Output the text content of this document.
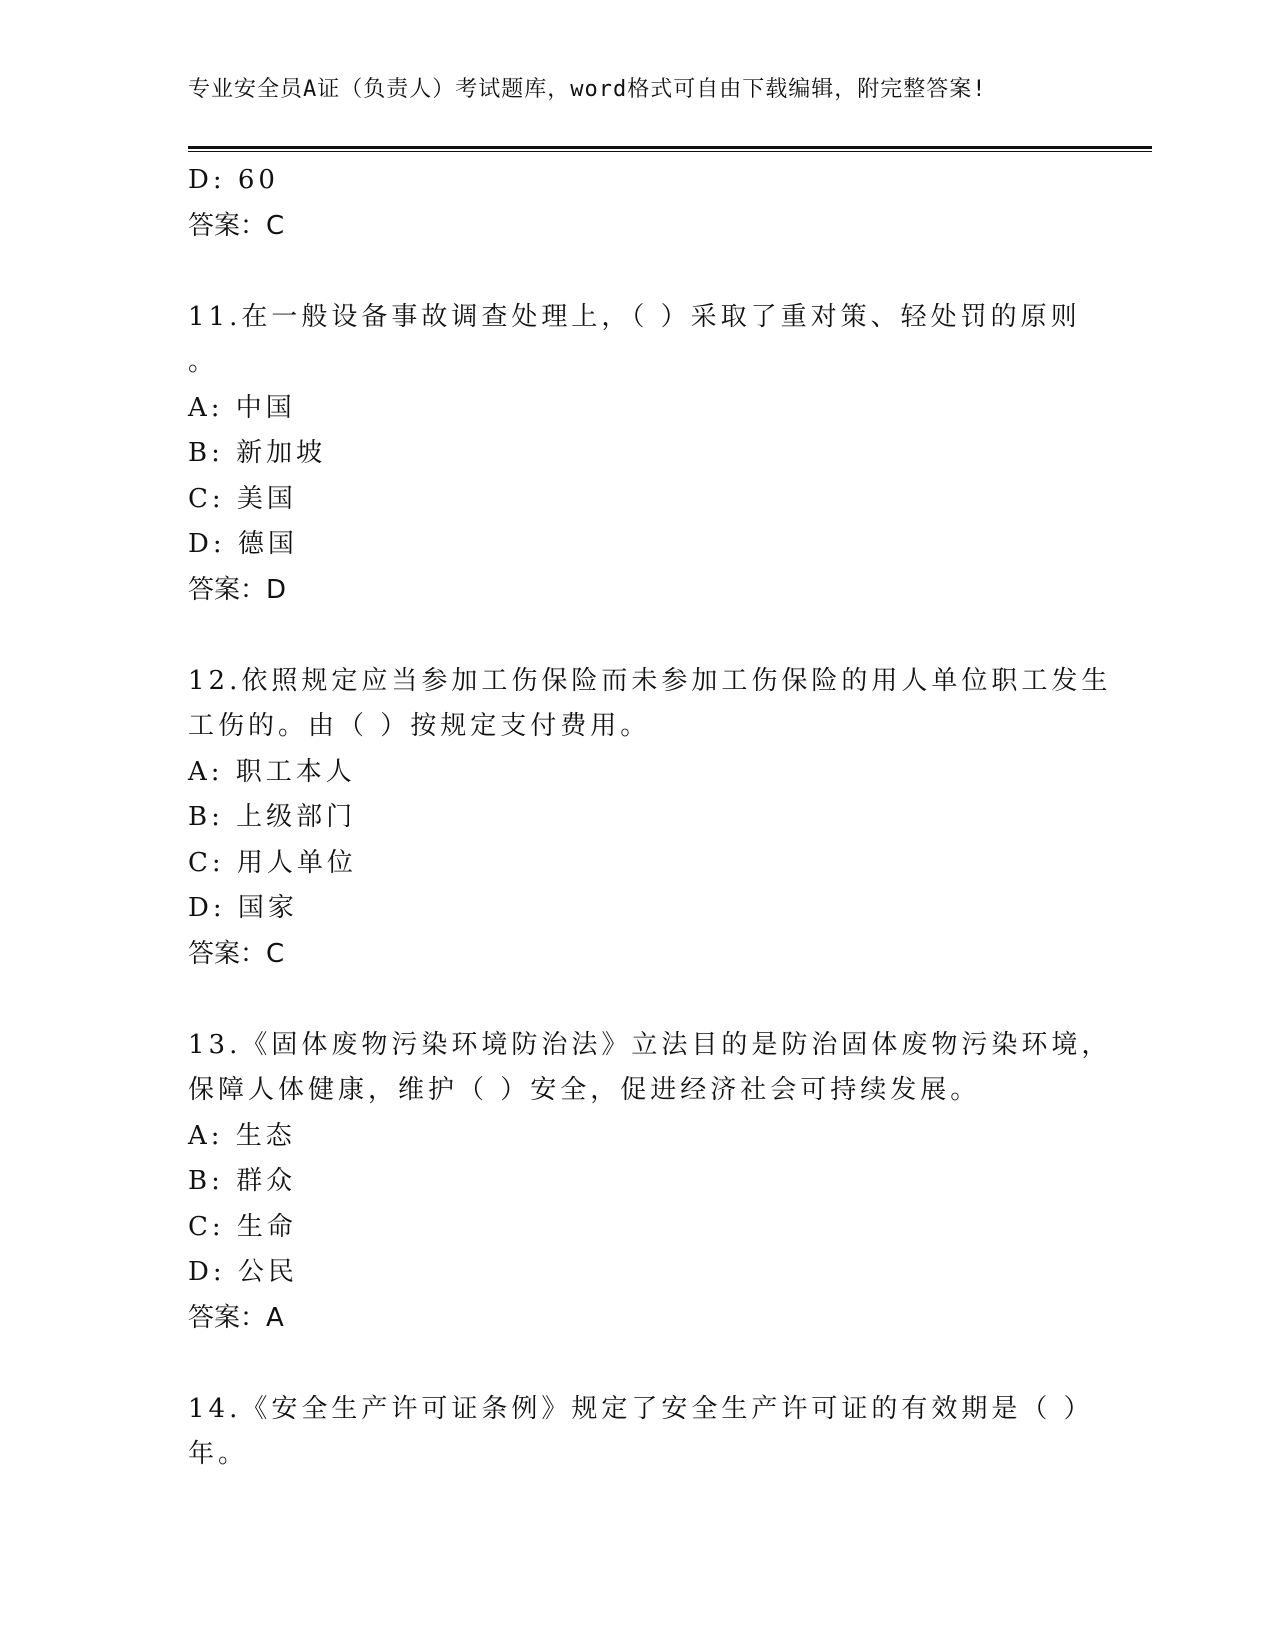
专业安全员A证（负责人）考试题库，word格式可自由下载编辑，附完整答案!
D: 60
答案：C
11.在一般设备事故调查处理上，（ ）采取了重对策、轻处罚的原则
。
A: 中国
B: 新加坡
C: 美国
D: 德国
答案：D
12.依照规定应当参加工伤保险而未参加工伤保险的用人单位职工发生
工伤的。由（ ）按规定支付费用。
A: 职工本人
B: 上级部门
C: 用人单位
D: 国家
答案：C
13.《固体废物污染环境防治法》立法目的是防治固体废物污染环境，
保障人体健康，维护（ ）安全，促进经济社会可持续发展。
A: 生态
B: 群众
C: 生命
D: 公民
答案：A
14.《安全生产许可证条例》规定了安全生产许可证的有效期是（ ）
年。
